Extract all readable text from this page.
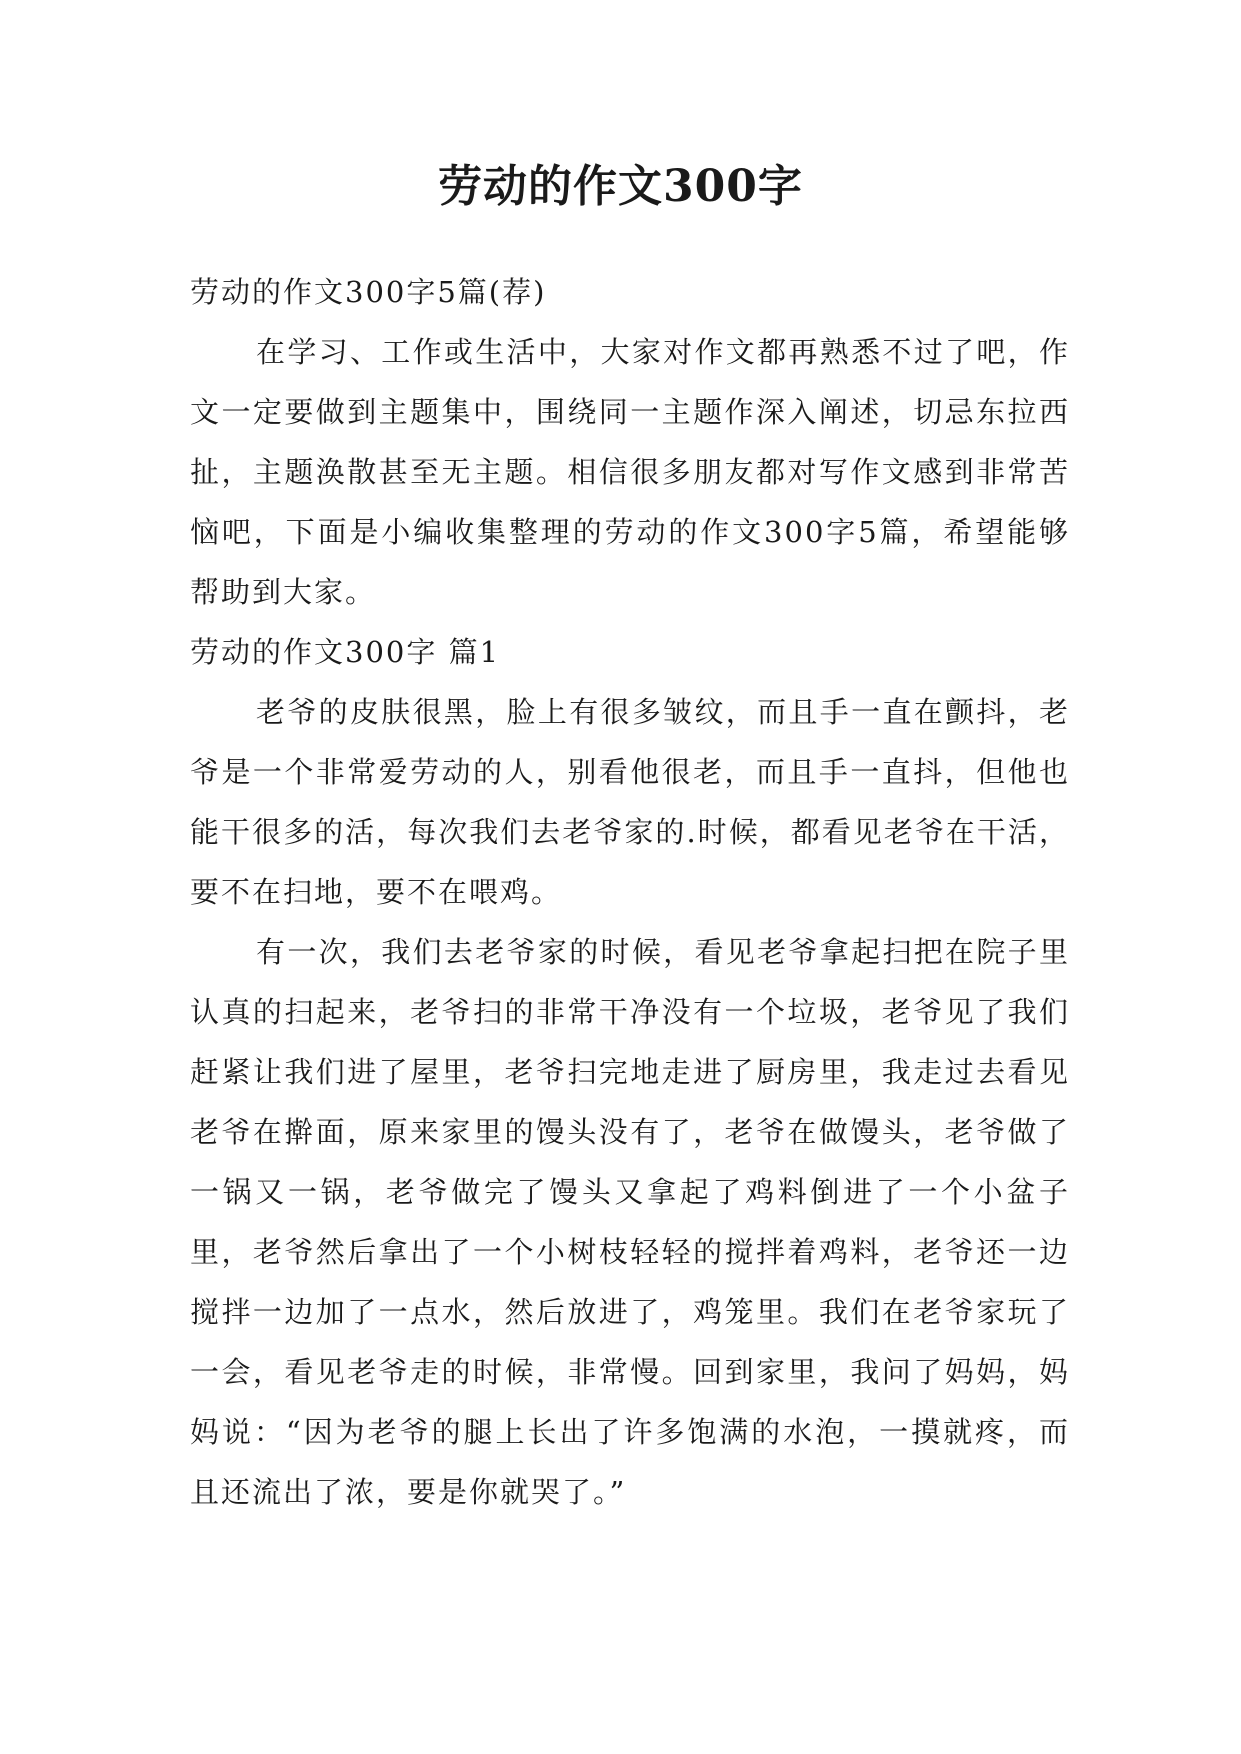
劳动的作文300字

劳动的作文300字5篇(荐)

在学习、工作或生活中，大家对作文都再熟悉不过了吧，作文一定要做到主题集中，围绕同一主题作深入阐述，切忌东拉西扯，主题涣散甚至无主题。相信很多朋友都对写作文感到非常苦恼吧，下面是小编收集整理的劳动的作文300字5篇，希望能够帮助到大家。

劳动的作文300字 篇1

老爷的皮肤很黑，脸上有很多皱纹，而且手一直在颤抖，老爷是一个非常爱劳动的人，别看他很老，而且手一直抖，但他也能干很多的活，每次我们去老爷家的.时候，都看见老爷在干活，要不在扫地，要不在喂鸡。

有一次，我们去老爷家的时候，看见老爷拿起扫把在院子里认真的扫起来，老爷扫的非常干净没有一个垃圾，老爷见了我们赶紧让我们进了屋里，老爷扫完地走进了厨房里，我走过去看见老爷在擀面，原来家里的馒头没有了，老爷在做馒头，老爷做了一锅又一锅，老爷做完了馒头又拿起了鸡料倒进了一个小盆子里，老爷然后拿出了一个小树枝轻轻的搅拌着鸡料，老爷还一边搅拌一边加了一点水，然后放进了，鸡笼里。我们在老爷家玩了一会，看见老爷走的时候，非常慢。回到家里，我问了妈妈，妈妈说：“因为老爷的腿上长出了许多饱满的水泡，一摸就疼，而且还流出了浓，要是你就哭了。”
